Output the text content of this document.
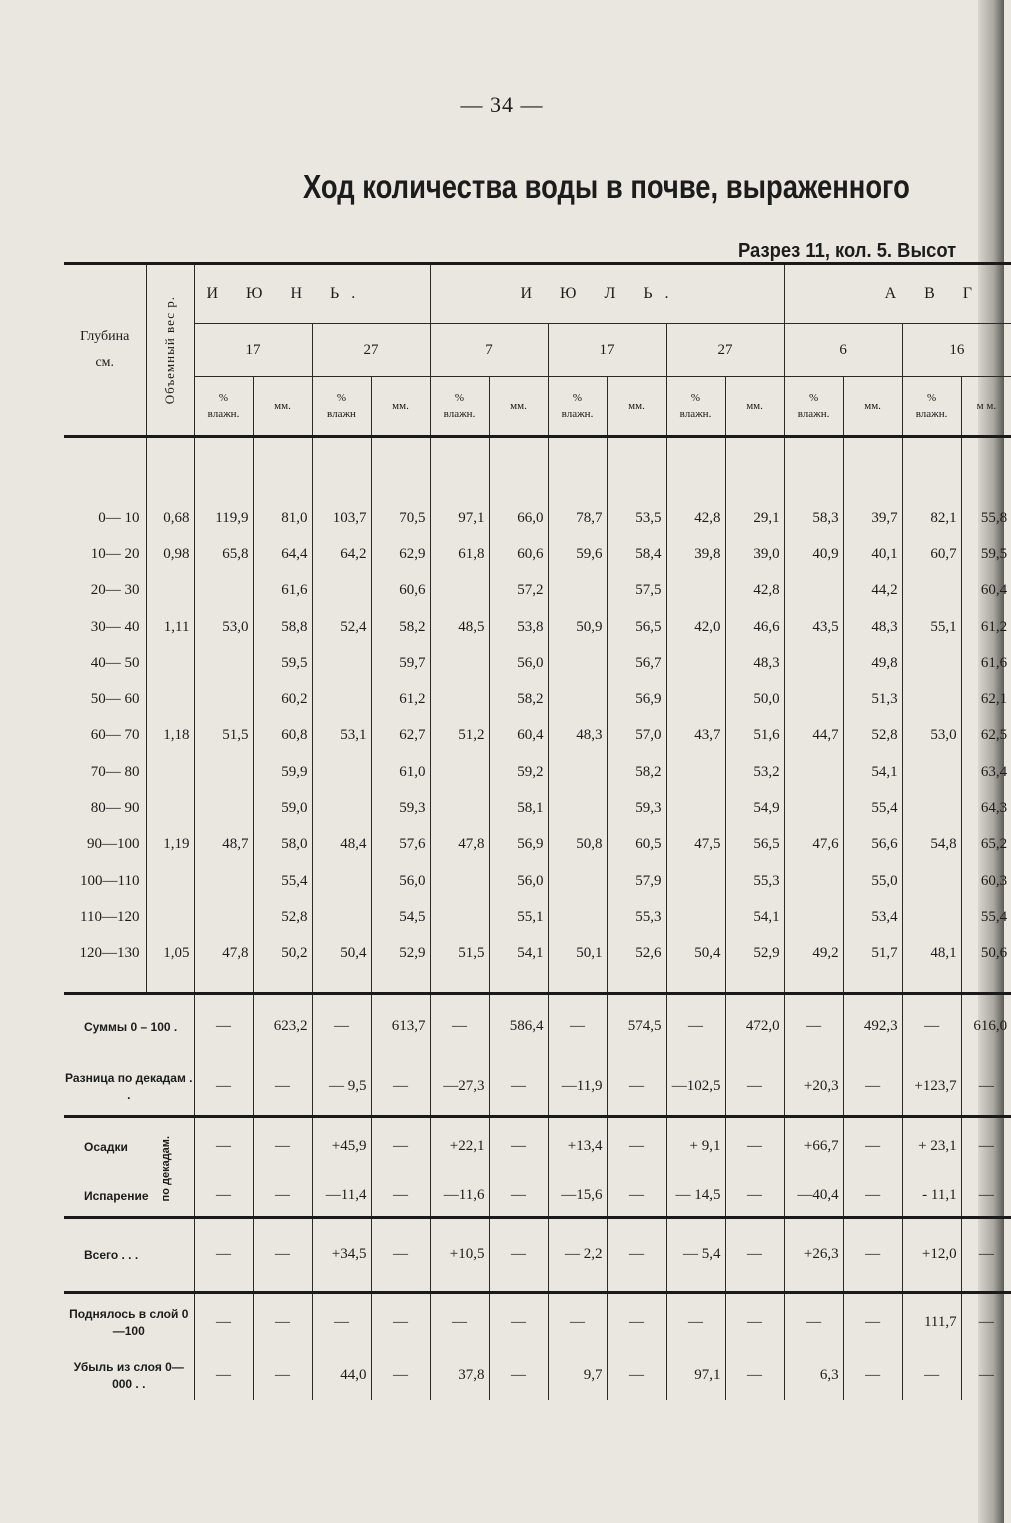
— 34 —
Ход количества воды в почве, выраженного
Разрез 11, кол. 5. Высот
Глубина см.	Объемный вес р.	И Ю Н Ь.				И Ю Л Ь.						А В Г			
		17		27		7		17		27		6		16	
		% влажн.	мм.	% влажн	мм.	% влажн.	мм.	% влажн.	мм.	% влажн.	мм.	% влажн.	мм.	% влажн.	м м.

0— 10	0,68	119,9	81,0	103,7	70,5	97,1	66,0	78,7	53,5	42,8	29,1	58,3	39,7	82,1	55,8
10— 20	0,98	65,8	64,4	64,2	62,9	61,8	60,6	59,6	58,4	39,8	39,0	40,9	40,1	60,7	59,5
20— 30			61,6		60,6		57,2		57,5		42,8		44,2		60,4
30— 40	1,11	53,0	58,8	52,4	58,2	48,5	53,8	50,9	56,5	42,0	46,6	43,5	48,3	55,1	61,2
40— 50			59,5		59,7		56,0		56,7		48,3		49,8		61,6
50— 60			60,2		61,2		58,2		56,9		50,0		51,3		62,1
60— 70	1,18	51,5	60,8	53,1	62,7	51,2	60,4	48,3	57,0	43,7	51,6	44,7	52,8	53,0	62,5
70— 80			59,9		61,0		59,2		58,2		53,2		54,1		63,4
80— 90			59,0		59,3		58,1		59,3		54,9		55,4		64,3
90—100	1,19	48,7	58,0	48,4	57,6	47,8	56,9	50,8	60,5	47,5	56,5	47,6	56,6	54,8	65,2
100—110			55,4		56,0		56,0		57,9		55,3		55,0		60,3
110—120			52,8		54,5		55,1		55,3		54,1		53,4		55,4
120—130	1,05	47,8	50,2	50,4	52,9	51,5	54,1	50,1	52,6	50,4	52,9	49,2	51,7	48,1	50,6

Суммы 0 – 100 .		—	623,2	—	613,7	—	586,4	—	574,5	—	472,0	—	492,3	—	616,0

Разница по декадам . .		—	—	— 9,5	—	—27,3	—	—11,9	—	—102,5	—	+20,3	—	+123,7	—

Осадки по декадам.		—	—	+45,9	—	+22,1	—	+13,4	—	+ 9,1	—	+66,7	—	+ 23,1	—

Испарение		—	—	—11,4	—	—11,6	—	—15,6	—	— 14,5	—	—40,4	—	- 11,1	—

Всего . . .		—	—	+34,5	—	+10,5	—	— 2,2	—	— 5,4	—	+26,3	—	+12,0	—

Поднялось в слой 0—100		—	—	—	—	—	—	—	—	—	—	—	—	111,7	—

Убыль из слоя 0—000 . .		—	—	44,0	—	37,8	—	9,7	—	97,1	—	6,3	—	—	—
